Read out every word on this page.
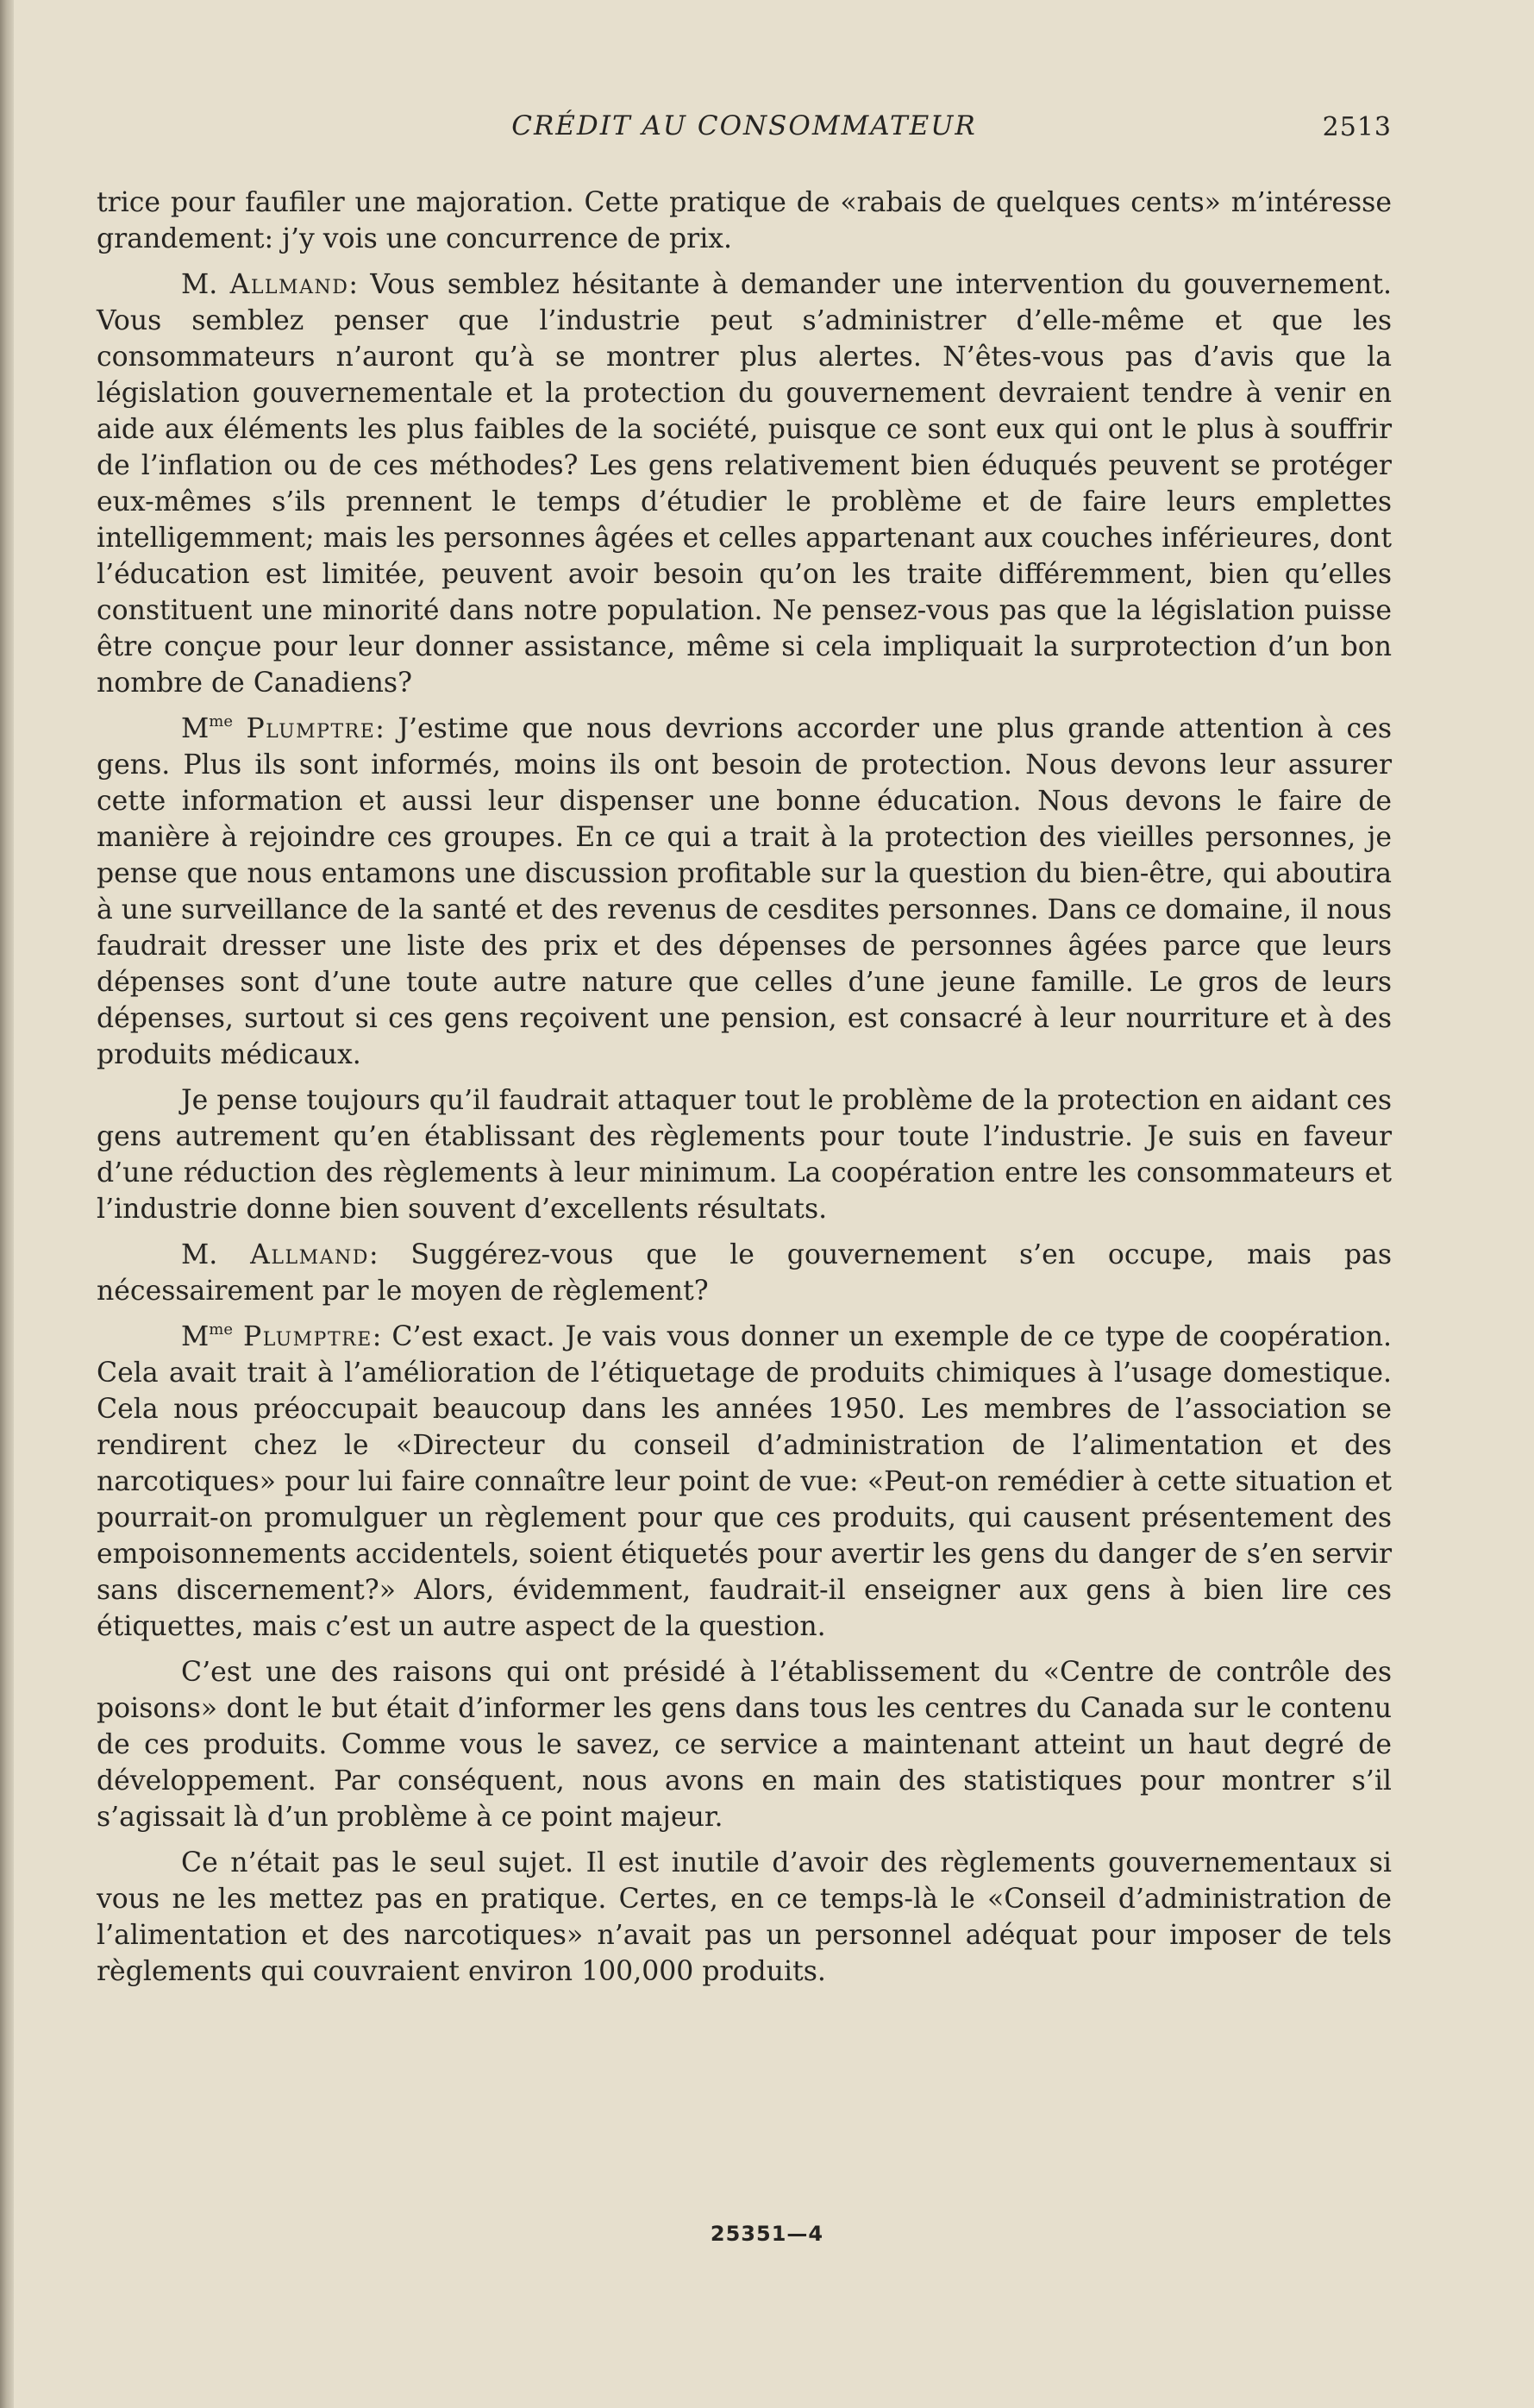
CRÉDIT AU CONSOMMATEUR	2513

trice pour faufiler une majoration. Cette pratique de «rabais de quelques cents» m’intéresse grandement: j’y vois une concurrence de prix.

M. Allmand: Vous semblez hésitante à demander une intervention du gouvernement. Vous semblez penser que l’industrie peut s’administrer d’elle-même et que les consommateurs n’auront qu’à se montrer plus alertes. N’êtes-vous pas d’avis que la législation gouvernementale et la protection du gouvernement devraient tendre à venir en aide aux éléments les plus faibles de la société, puisque ce sont eux qui ont le plus à souffrir de l’inflation ou de ces méthodes? Les gens relativement bien éduqués peuvent se protéger eux-mêmes s’ils prennent le temps d’étudier le problème et de faire leurs emplettes intelligemment; mais les personnes âgées et celles appartenant aux couches inférieures, dont l’éducation est limitée, peuvent avoir besoin qu’on les traite différemment, bien qu’elles constituent une minorité dans notre population. Ne pensez-vous pas que la législation puisse être conçue pour leur donner assistance, même si cela impliquait la surprotection d’un bon nombre de Canadiens?

$M^{me}$ Plumptre: J’estime que nous devrions accorder une plus grande attention à ces gens. Plus ils sont informés, moins ils ont besoin de protection. Nous devons leur assurer cette information et aussi leur dispenser une bonne éducation. Nous devons le faire de manière à rejoindre ces groupes. En ce qui a trait à la protection des vieilles personnes, je pense que nous entamons une discussion profitable sur la question du bien-être, qui aboutira à une surveillance de la santé et des revenus de cesdites personnes. Dans ce domaine, il nous faudrait dresser une liste des prix et des dépenses de personnes âgées parce que leurs dépenses sont d’une toute autre nature que celles d’une jeune famille. Le gros de leurs dépenses, surtout si ces gens reçoivent une pension, est consacré à leur nourriture et à des produits médicaux.

Je pense toujours qu’il faudrait attaquer tout le problème de la protection en aidant ces gens autrement qu’en établissant des règlements pour toute l’industrie. Je suis en faveur d’une réduction des règlements à leur minimum. La coopération entre les consommateurs et l’industrie donne bien souvent d’excellents résultats.

M. Allmand: Suggérez-vous que le gouvernement s’en occupe, mais pas nécessairement par le moyen de règlement?

$M^{me}$ Plumptre: C’est exact. Je vais vous donner un exemple de ce type de coopération. Cela avait trait à l’amélioration de l’étiquetage de produits chimiques à l’usage domestique. Cela nous préoccupait beaucoup dans les années 1950. Les membres de l’association se rendirent chez le «Directeur du conseil d’administration de l’alimentation et des narcotiques» pour lui faire connaître leur point de vue: «Peut-on remédier à cette situation et pourrait-on promulguer un règlement pour que ces produits, qui causent présentement des empoisonnements accidentels, soient étiquetés pour avertir les gens du danger de s’en servir sans discernement?» Alors, évidemment, faudrait-il enseigner aux gens à bien lire ces étiquettes, mais c’est un autre aspect de la question.

C’est une des raisons qui ont présidé à l’établissement du «Centre de contrôle des poisons» dont le but était d’informer les gens dans tous les centres du Canada sur le contenu de ces produits. Comme vous le savez, ce service a maintenant atteint un haut degré de développement. Par conséquent, nous avons en main des statistiques pour montrer s’il s’agissait là d’un problème à ce point majeur.

Ce n’était pas le seul sujet. Il est inutile d’avoir des règlements gouvernementaux si vous ne les mettez pas en pratique. Certes, en ce temps-là le «Conseil d’administration de l’alimentation et des narcotiques» n’avait pas un personnel adéquat pour imposer de tels règlements qui couvraient environ 100,000 produits.

25351—4
